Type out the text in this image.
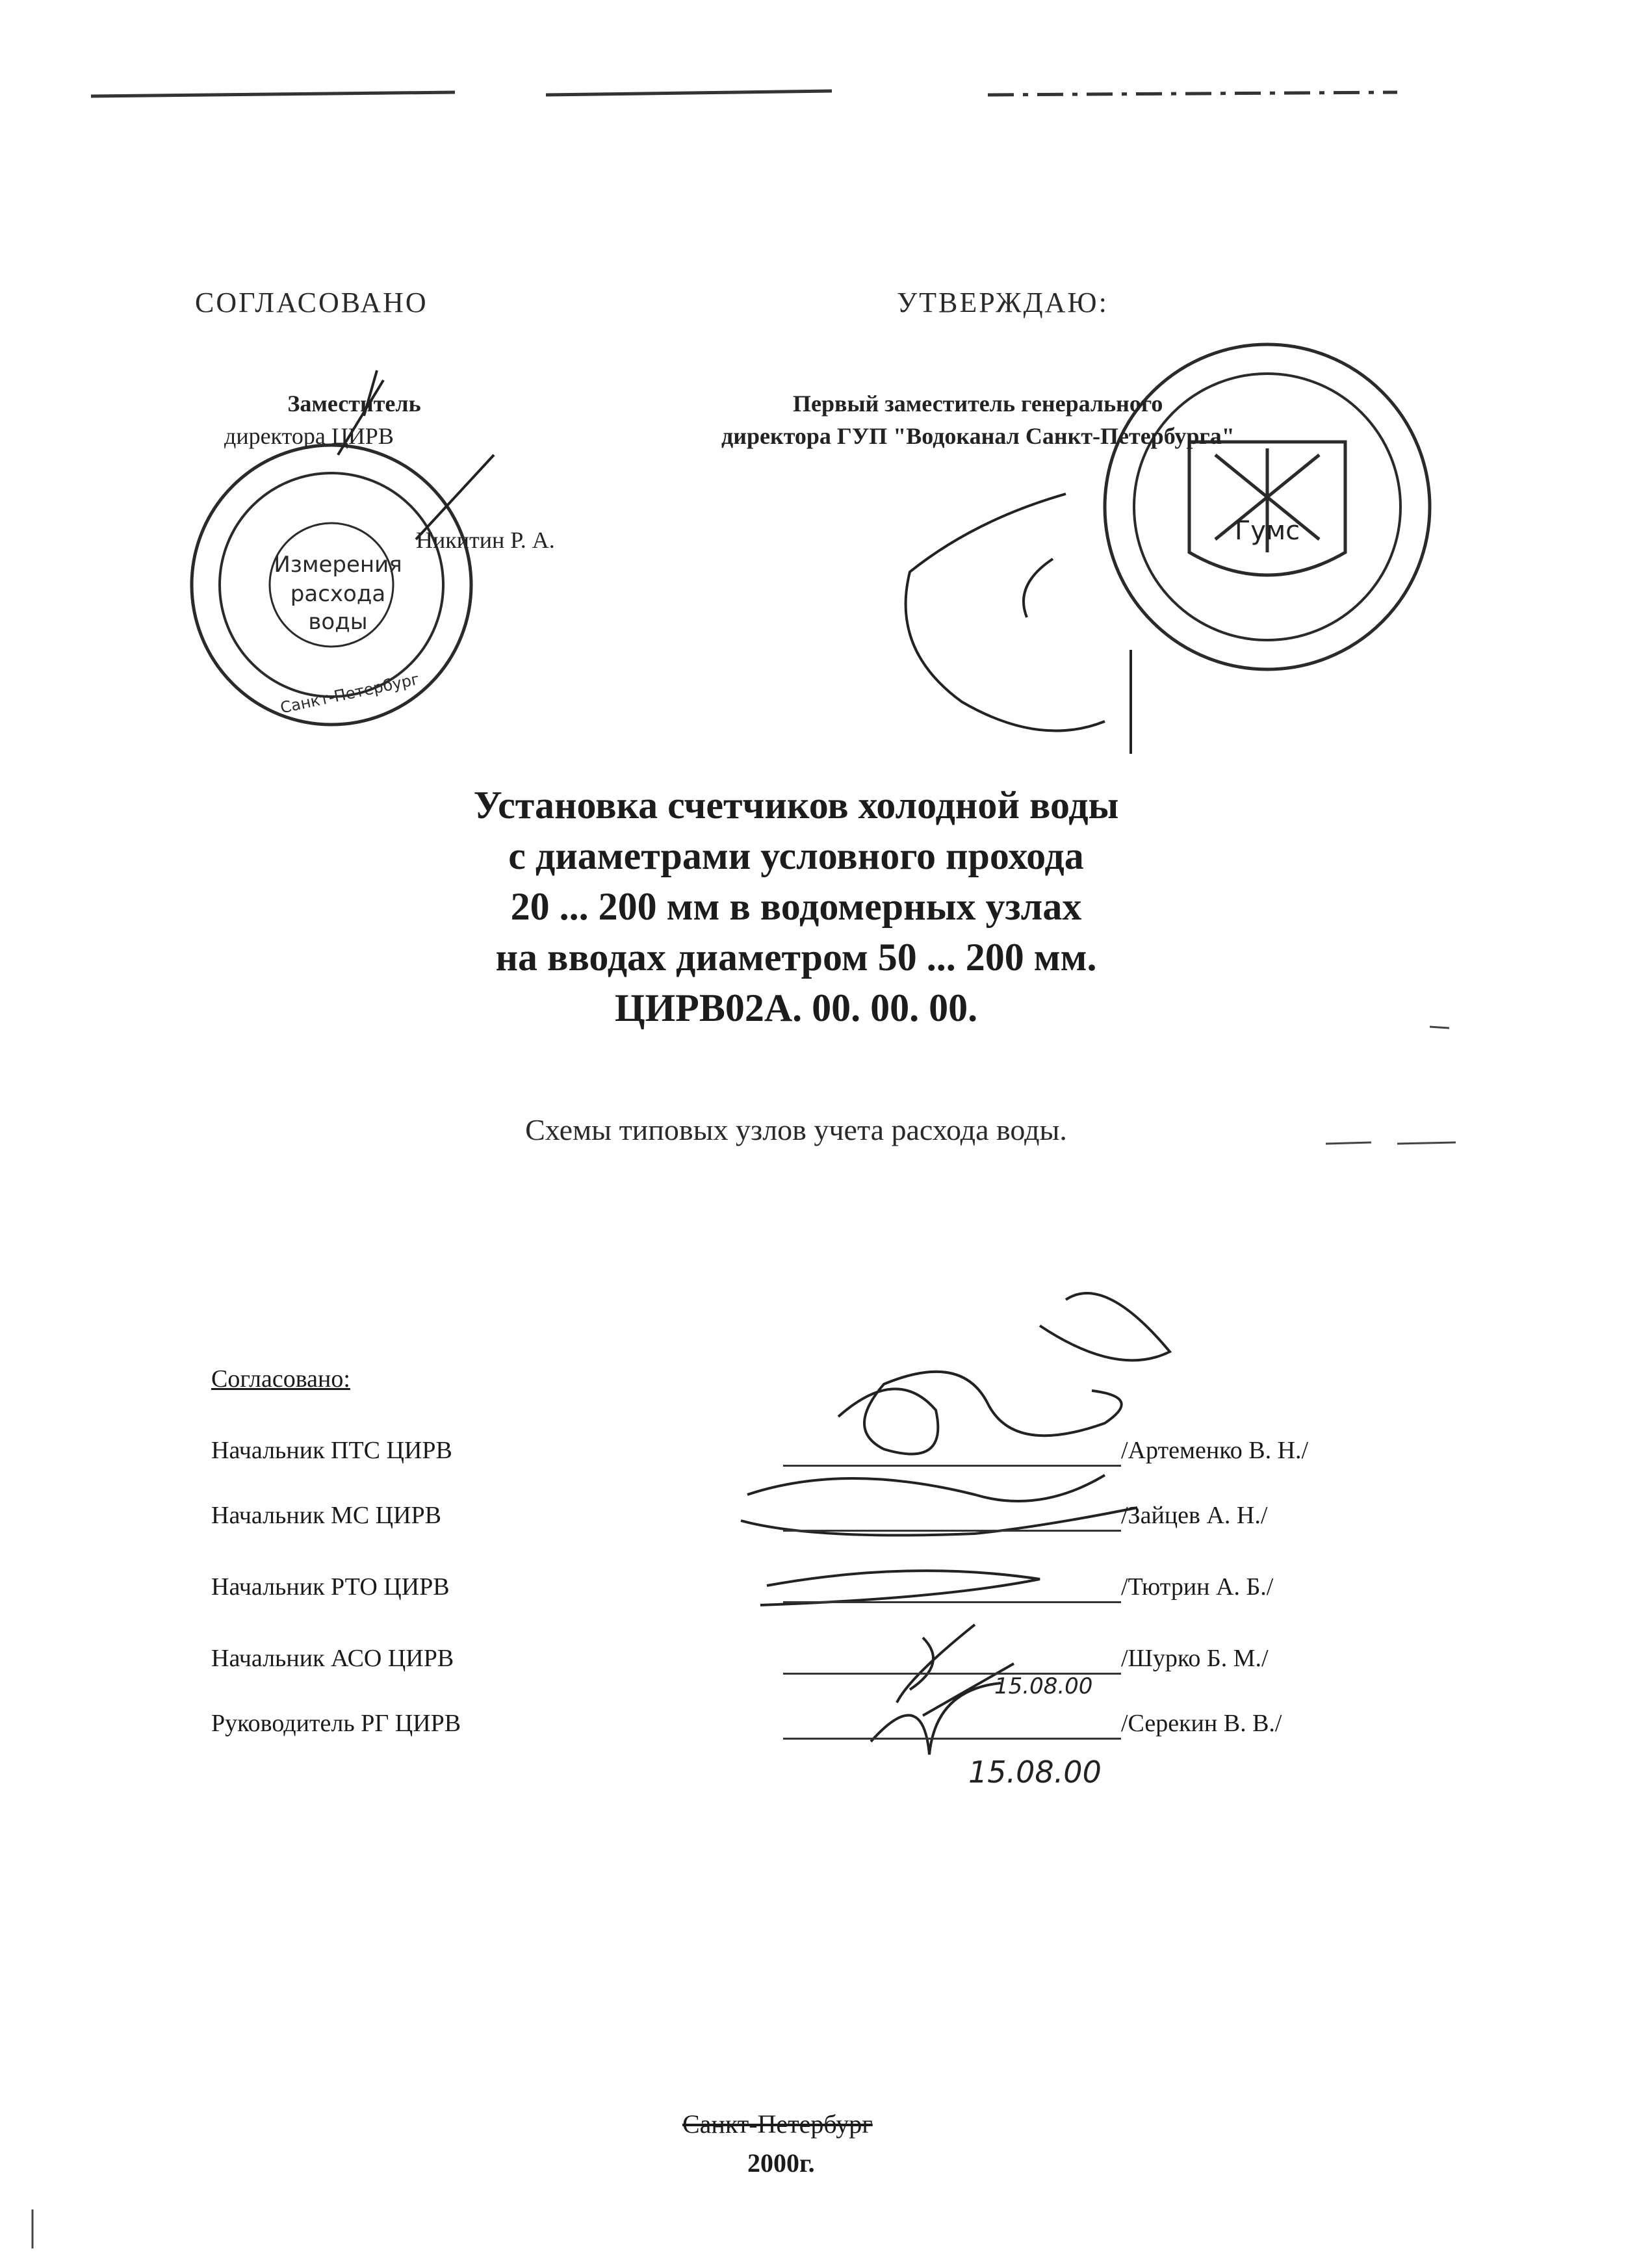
Измерения
расхода
воды
Санкт-Петербург
Гумс
СОГЛАСОВАНО
Заместитель
директора ЦИРВ
Никитин Р. А.
УТВЕРЖДАЮ:
Первый заместитель генерального
директора ГУП "Водоканал Санкт-Петербурга"
Установка счетчиков холодной воды
с диаметрами условного прохода
20 ... 200 мм в водомерных узлах
на вводах диаметром 50 ... 200 мм.
ЦИРВ02А. 00. 00. 00.
Схемы типовых узлов учета расхода воды.
Согласовано:
Начальник ПТС ЦИРВ	/Артеменко В. Н./
Начальник МС ЦИРВ	/Зайцев А. Н./
Начальник РТО ЦИРВ	/Тютрин А. Б./
Начальник АСО ЦИРВ	/Шурко Б. М./
Руководитель РГ ЦИРВ	/Серекин В. В./
15.08.00
15.08.00
Санкт-Петербург
2000г.
